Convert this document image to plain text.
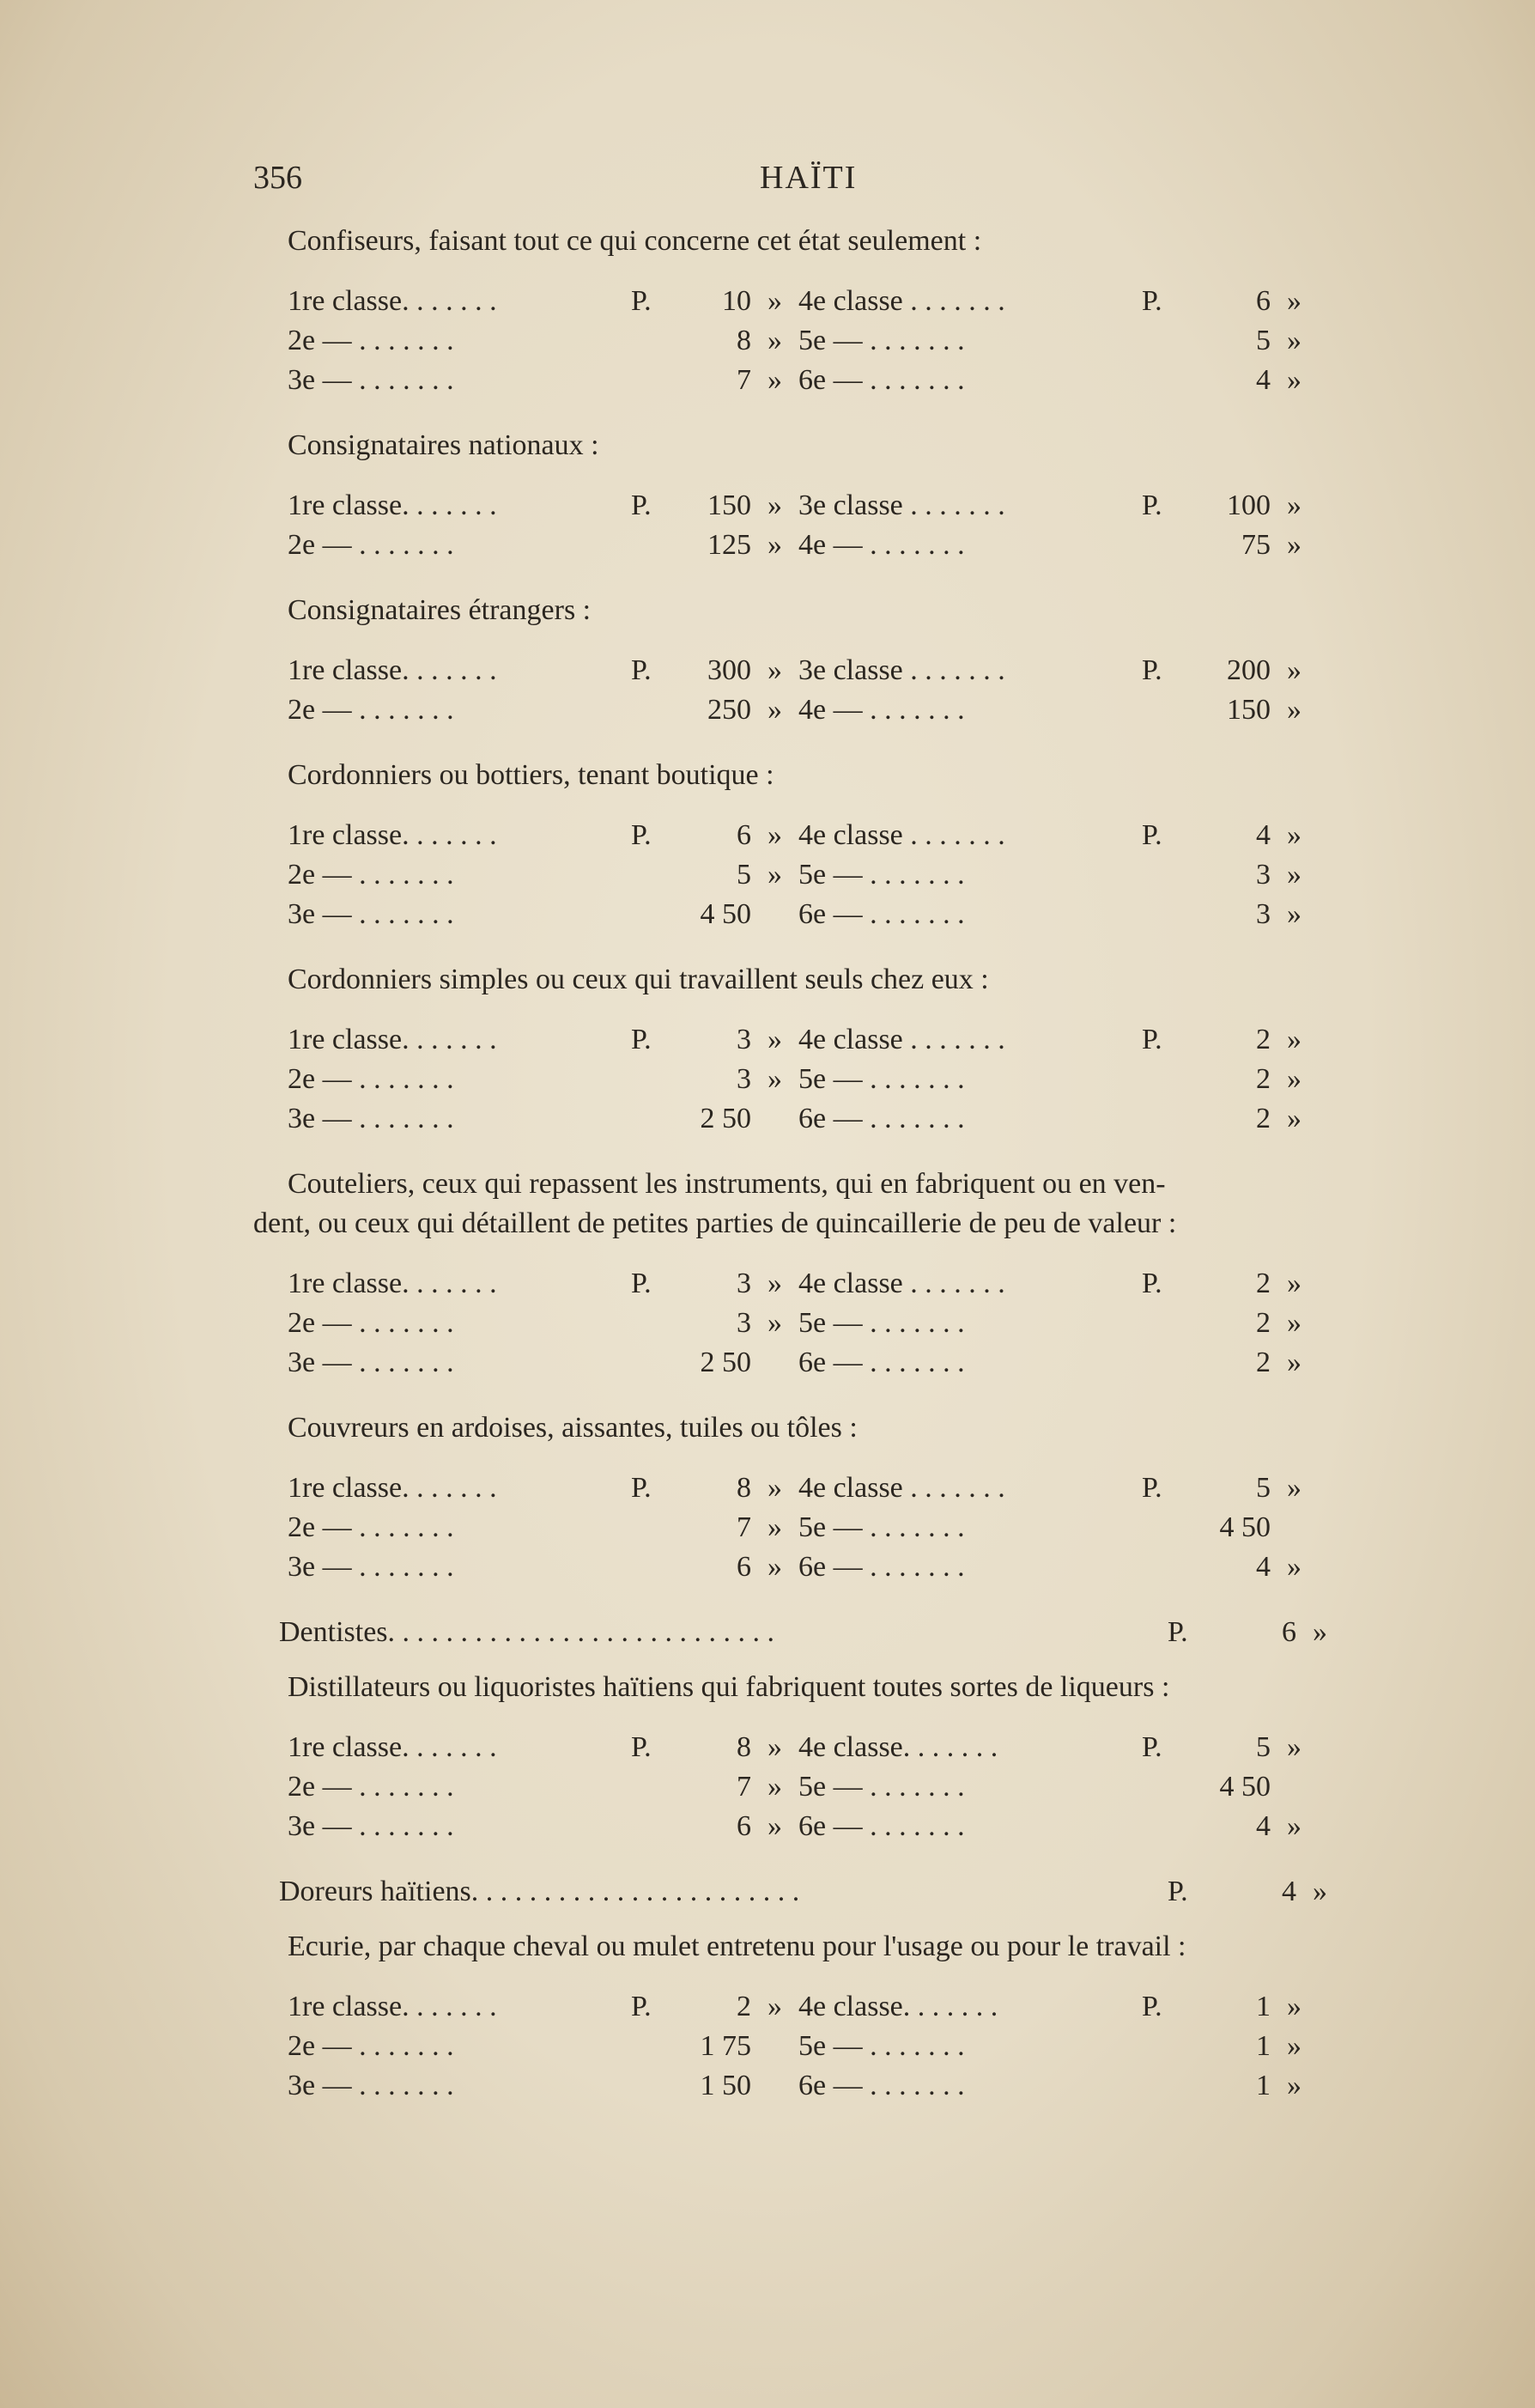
356	HAÏTI

Confiseurs, faisant tout ce qui concerne cet état seulement :

1re classe. . . . . . .	P.	10	»	4e classe . . . . . . .	P.	6	»
2e — . . . . . . .		8	»	5e — . . . . . . .		5	»
3e — . . . . . . .		7	»	6e — . . . . . . .		4	»

Consignataires nationaux :

1re classe. . . . . . .	P.	150	»	3e classe . . . . . . .	P.	100	»
2e — . . . . . . .		125	»	4e — . . . . . . .		75	»

Consignataires étrangers :

1re classe. . . . . . .	P.	300	»	3e classe . . . . . . .	P.	200	»
2e — . . . . . . .		250	»	4e — . . . . . . .		150	»

Cordonniers ou bottiers, tenant boutique :

1re classe. . . . . . .	P.	6	»	4e classe . . . . . . .	P.	4	»
2e — . . . . . . .		5	»	5e — . . . . . . .		3	»
3e — . . . . . . .		4 50		6e — . . . . . . .		3	»

Cordonniers simples ou ceux qui travaillent seuls chez eux :

1re classe. . . . . . .	P.	3	»	4e classe . . . . . . .	P.	2	»
2e — . . . . . . .		3	»	5e — . . . . . . .		2	»
3e — . . . . . . .		2 50		6e — . . . . . . .		2	»

Couteliers, ceux qui repassent les instruments, qui en fabriquent ou en ven-
dent, ou ceux qui détaillent de petites parties de quincaillerie de peu de valeur :

1re classe. . . . . . .	P.	3	»	4e classe . . . . . . .	P.	2	»
2e — . . . . . . .		3	»	5e — . . . . . . .		2	»
3e — . . . . . . .		2 50		6e — . . . . . . .		2	»

Couvreurs en ardoises, aissantes, tuiles ou tôles :

1re classe. . . . . . .	P.	8	»	4e classe . . . . . . .	P.	5	»
2e — . . . . . . .		7	»	5e — . . . . . . .		4 50	
3e — . . . . . . .		6	»	6e — . . . . . . .		4	»
Dentistes. . . . . . . . . . . . . . . . . . . . . . . . . . .	P.	6 »

Distillateurs ou liquoristes haïtiens qui fabriquent toutes sortes de liqueurs :

1re classe. . . . . . .	P.	8	»	4e classe. . . . . . .	P.	5	»
2e — . . . . . . .		7	»	5e — . . . . . . .		4 50	
3e — . . . . . . .		6	»	6e — . . . . . . .		4	»
Doreurs haïtiens. . . . . . . . . . . . . . . . . . . . . . .	P.	4 »

Ecurie, par chaque cheval ou mulet entretenu pour l'usage ou pour le travail :

1re classe. . . . . . .	P.	2	»	4e classe. . . . . . .	P.	1	»
2e — . . . . . . .		1 75		5e — . . . . . . .		1	»
3e — . . . . . . .		1 50		6e — . . . . . . .		1	»
